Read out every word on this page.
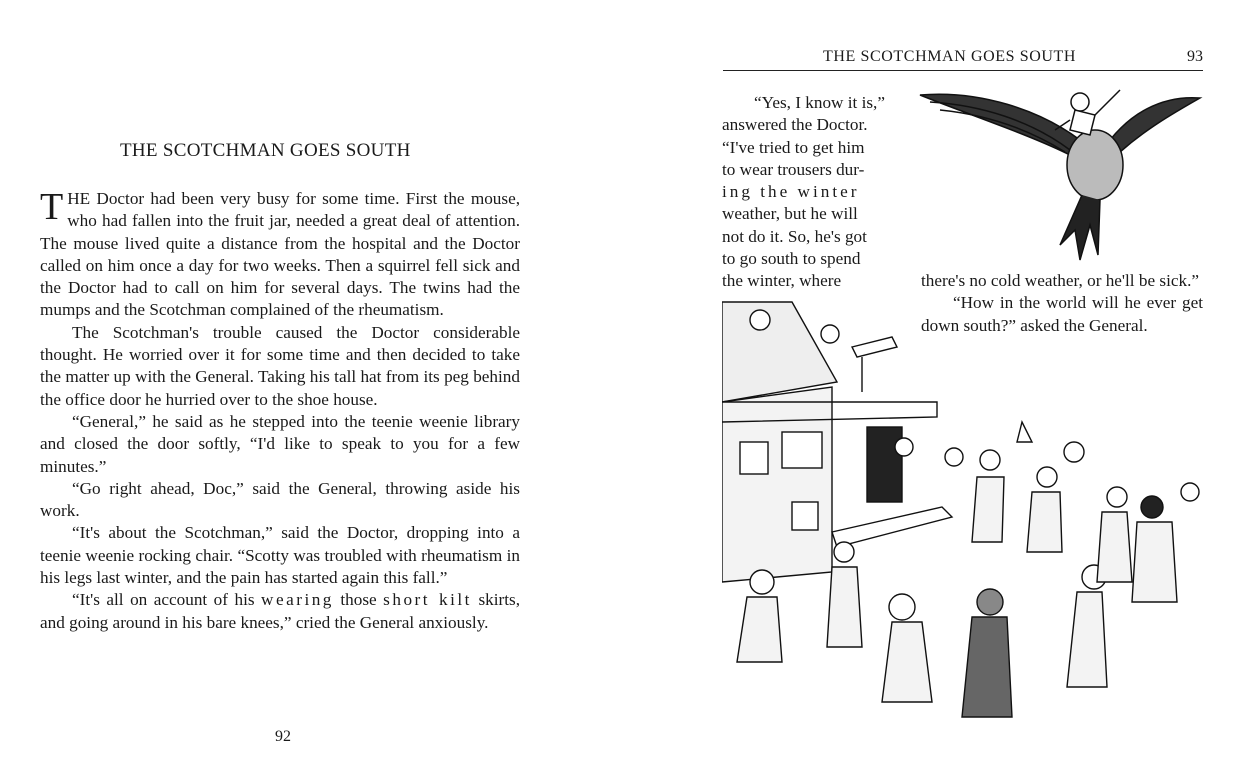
THE SCOTCHMAN GOES SOUTH

THE Doctor had been very busy for some time. First the mouse, who had fallen into the fruit jar, needed a great deal of attention. The mouse lived quite a distance from the hospital and the Doctor called on him once a day for two weeks. Then a squirrel fell sick and the Doctor had to call on him for several days. The twins had the mumps and the Scotchman complained of the rheumatism.

The Scotchman's trouble caused the Doctor considerable thought. He worried over it for some time and then decided to take the matter up with the General. Taking his tall hat from its peg behind the office door he hurried over to the shoe house.

“General,” he said as he stepped into the teenie weenie library and closed the door softly, “I'd like to speak to you for a few minutes.”

“Go right ahead, Doc,” said the General, throwing aside his work.

“It's about the Scotchman,” said the Doctor, dropping into a teenie weenie rocking chair. “Scotty was troubled with rheumatism in his legs last winter, and the pain has started again this fall.”

“It's all on account of his wearing those short kilt skirts, and going around in his bare knees,” cried the General anxiously.

92
THE SCOTCHMAN GOES SOUTH	93
“Yes, I know it is,”
answered the Doctor.
“I've tried to get him
to wear trousers dur-
ing the winter
weather, but he will
not do it. So, he's got
to go south to spend
the winter, where	there's no cold weather, or he'll be sick.”

“How in the world will he ever get down south?” asked the General.
